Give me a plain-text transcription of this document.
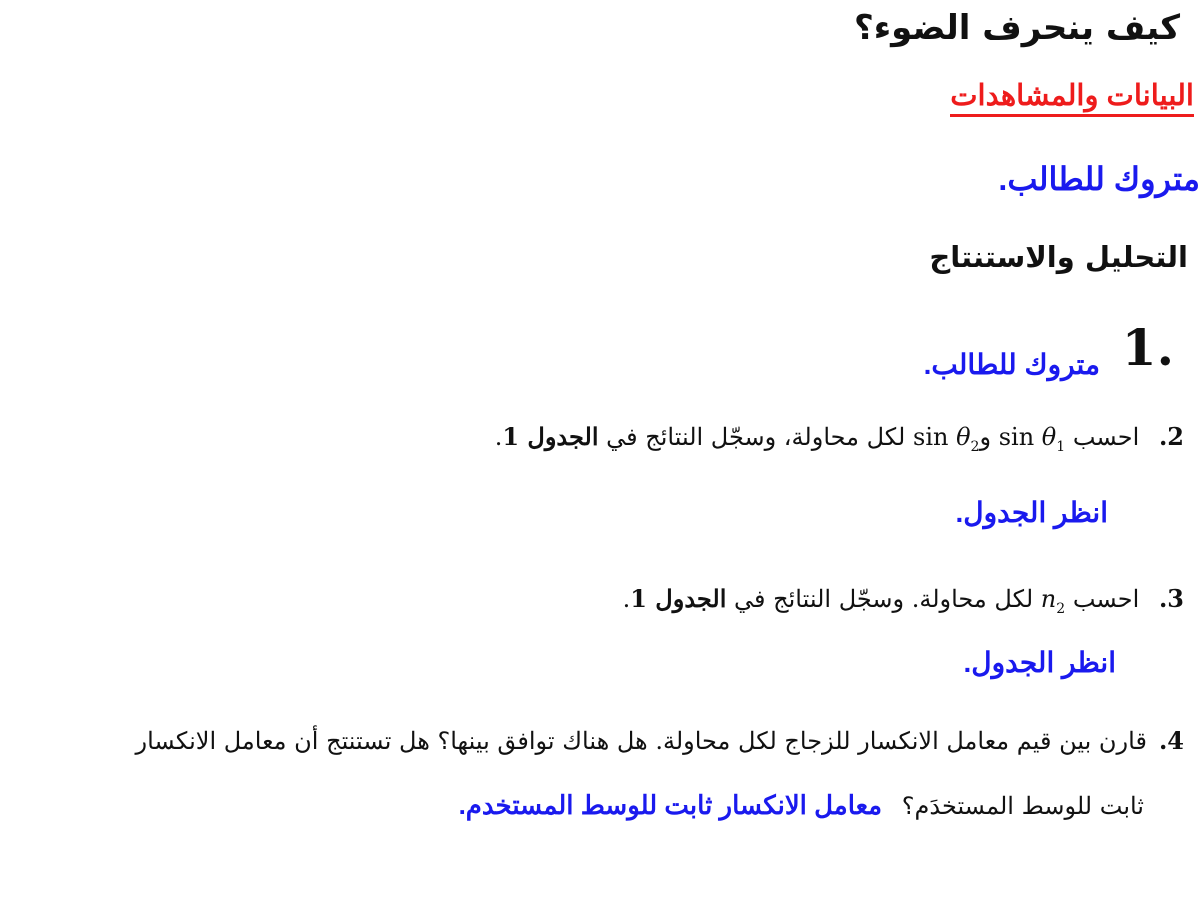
كيف ينحرف الضوء؟
البيانات والمشاهدات
متروك للطالب.
التحليل والاستنتاج
1.
متروك للطالب.
2. احسب $\sin \theta_1$ وsin $\theta_2$ لكل محاولة، وسجّل النتائج في الجدول 1.
انظر الجدول.
3. احسب $n_2$ لكل محاولة. وسجّل النتائج في الجدول 1.
انظر الجدول.
4.قارن بين قيم معامل الانكسار للزجاج لكل محاولة. هل هناك توافق بينها؟ هل تستنتج أن معامل الانكسار
ثابت للوسط المستخدَم؟ معامل الانكسار ثابت للوسط المستخدم.
